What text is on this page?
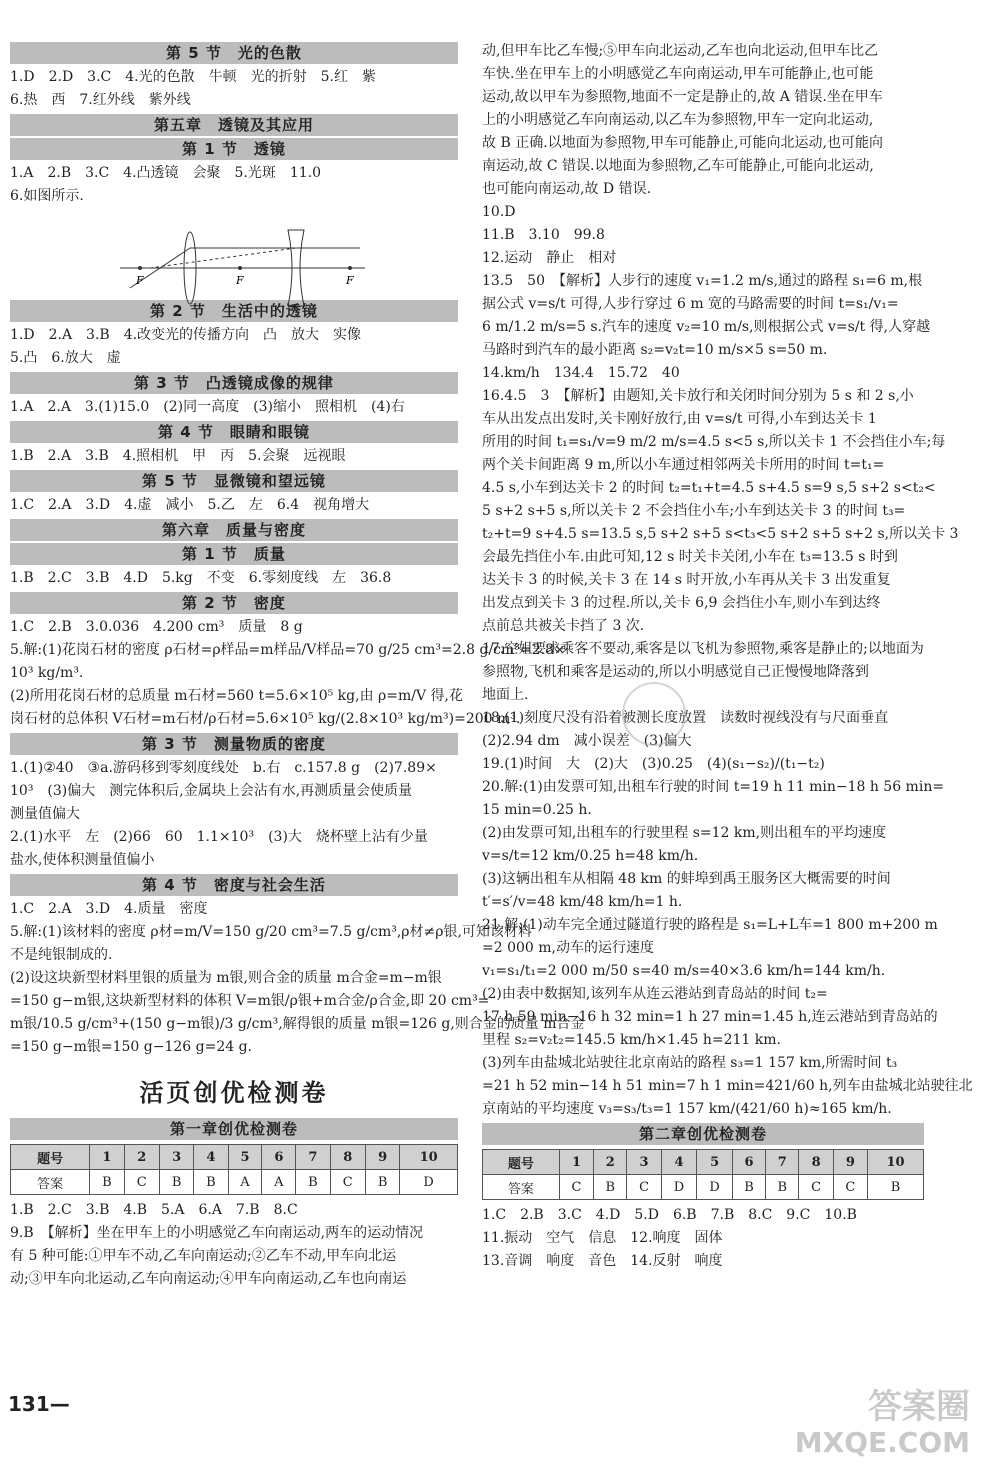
第 5 节　光的色散
1.D　2.D　3.C　4.光的色散　牛顿　光的折射　5.红　紫
6.热　西　7.红外线　紫外线
第五章　透镜及其应用
第 1 节　透镜
1.A　2.B　3.C　4.凸透镜　会聚　5.光斑　11.0
6.如图所示.
F	F	F
第 2 节　生活中的透镜
1.D　2.A　3.B　4.改变光的传播方向　凸　放大　实像
5.凸　6.放大　虚
第 3 节　凸透镜成像的规律
1.A　2.A　3.(1)15.0　(2)同一高度　(3)缩小　照相机　(4)右
第 4 节　眼睛和眼镜
1.B　2.A　3.B　4.照相机　甲　丙　5.会聚　远视眼
第 5 节　显微镜和望远镜
1.C　2.A　3.D　4.虚　减小　5.乙　左　6.4　视角增大
第六章　质量与密度
第 1 节　质量
1.B　2.C　3.B　4.D　5.kg　不变　6.零刻度线　左　36.8
第 2 节　密度
1.C　2.B　3.0.036　4.200 cm³　质量　8 g
5.解:(1)花岗石材的密度 ρ石材=ρ样品=m样品/V样品=70 g/25 cm³=2.8 g/cm³=2.8×
10³ kg/m³.
(2)所用花岗石材的总质量 m石材=560 t=5.6×10⁵ kg,由 ρ=m/V 得,花
岗石材的总体积 V石材=m石材/ρ石材=5.6×10⁵ kg/(2.8×10³ kg/m³)=200 m³.
第 3 节　测量物质的密度
1.(1)②40　③a.游码移到零刻度线处　b.右　c.157.8 g　(2)7.89×
10³　(3)偏大　测完体积后,金属块上会沾有水,再测质量会使质量
测量值偏大
2.(1)水平　左　(2)66　60　1.1×10³　(3)大　烧杯壁上沾有少量
盐水,使体积测量值偏小
第 4 节　密度与社会生活
1.C　2.A　3.D　4.质量　密度
5.解:(1)该材料的密度 ρ材=m/V=150 g/20 cm³=7.5 g/cm³,ρ材≠ρ银,可知该材料
不是纯银制成的.
(2)设这块新型材料里银的质量为 m银,则合金的质量 m合金=m−m银
=150 g−m银,这块新型材料的体积 V=m银/ρ银+m合金/ρ合金,即 20 cm³=
m银/10.5 g/cm³+(150 g−m银)/3 g/cm³,解得银的质量 m银=126 g,则合金的质量 m合金
=150 g−m银=150 g−126 g=24 g.
活页创优检测卷
第一章创优检测卷
题号	1	2	3	4	5	6	7	8	9	10
答案	B	C	B	B	A	A	B	C	B	D
1.B　2.C　3.B　4.B　5.A　6.A　7.B　8.C
9.B　【解析】坐在甲车上的小明感觉乙车向南运动,两车的运动情况
有 5 种可能:①甲车不动,乙车向南运动;②乙车不动,甲车向北运
动;③甲车向北运动,乙车向南运动;④甲车向南运动,乙车也向南运
动,但甲车比乙车慢;⑤甲车向北运动,乙车也向北运动,但甲车比乙
车快.坐在甲车上的小明感觉乙车向南运动,甲车可能静止,也可能
运动,故以甲车为参照物,地面不一定是静止的,故 A 错误.坐在甲车
上的小明感觉乙车向南运动,以乙车为参照物,甲车一定向北运动,
故 B 正确.以地面为参照物,甲车可能静止,可能向北运动,也可能向
南运动,故 C 错误.以地面为参照物,乙车可能静止,可能向北运动,
也可能向南运动,故 D 错误.
10.D
11.B　3.10　99.8
12.运动　静止　相对
13.5　50　【解析】人步行的速度 v₁=1.2 m/s,通过的路程 s₁=6 m,根
据公式 v=s/t 可得,人步行穿过 6 m 宽的马路需要的时间 t=s₁/v₁=
6 m/1.2 m/s=5 s.汽车的速度 v₂=10 m/s,则根据公式 v=s/t 得,人穿越
马路时到汽车的最小距离 s₂=v₂t=10 m/s×5 s=50 m.
14.km/h　134.4　15.72　40
16.4.5　3　【解析】由题知,关卡放行和关闭时间分别为 5 s 和 2 s,小
车从出发点出发时,关卡刚好放行,由 v=s/t 可得,小车到达关卡 1
所用的时间 t₁=s₁/v=9 m/2 m/s=4.5 s<5 s,所以关卡 1 不会挡住小车;每
两个关卡间距离 9 m,所以小车通过相邻两关卡所用的时间 t=t₁=
4.5 s,小车到达关卡 2 的时间 t₂=t₁+t=4.5 s+4.5 s=9 s,5 s+2 s<t₂<
5 s+2 s+5 s,所以关卡 2 不会挡住小车;小车到达关卡 3 的时间 t₃=
t₂+t=9 s+4.5 s=13.5 s,5 s+2 s+5 s<t₃<5 s+2 s+5 s+2 s,所以关卡 3
会最先挡住小车.由此可知,12 s 时关卡关闭,小车在 t₃=13.5 s 时到
达关卡 3 的时候,关卡 3 在 14 s 时开放,小车再从关卡 3 出发重复
出发点到关卡 3 的过程.所以,关卡 6,9 会挡住小车,则小车到达终
点前总共被关卡挡了 3 次.
17.空姐要求乘客不要动,乘客是以飞机为参照物,乘客是静止的;以地面为
参照物,飞机和乘客是运动的,所以小明感觉自己正慢慢地降落到
地面上.
18.(1)刻度尺没有沿着被测长度放置　读数时视线没有与尺面垂直
(2)2.94 dm　减小误差　(3)偏大
19.(1)时间　大　(2)大　(3)0.25　(4)(s₁−s₂)/(t₁−t₂)
20.解:(1)由发票可知,出租车行驶的时间 t=19 h 11 min−18 h 56 min=
15 min=0.25 h.
(2)由发票可知,出租车的行驶里程 s=12 km,则出租车的平均速度
v=s/t=12 km/0.25 h=48 km/h.
(3)这辆出租车从相隔 48 km 的蚌埠到禹王服务区大概需要的时间
t′=s′/v=48 km/48 km/h=1 h.
21.解:(1)动车完全通过隧道行驶的路程是 s₁=L+L车=1 800 m+200 m
=2 000 m,动车的运行速度
v₁=s₁/t₁=2 000 m/50 s=40 m/s=40×3.6 km/h=144 km/h.
(2)由表中数据知,该列车从连云港站到青岛站的时间 t₂=
17 h 59 min−16 h 32 min=1 h 27 min=1.45 h,连云港站到青岛站的
里程 s₂=v₂t₂=145.5 km/h×1.45 h=211 km.
(3)列车由盐城北站驶往北京南站的路程 s₃=1 157 km,所需时间 t₃
=21 h 52 min−14 h 51 min=7 h 1 min=421/60 h,列车由盐城北站驶往北
京南站的平均速度 v₃=s₃/t₃=1 157 km/(421/60 h)≈165 km/h.
第二章创优检测卷
题号	1	2	3	4	5	6	7	8	9	10
答案	C	B	C	D	D	B	B	C	C	B
1.C　2.B　3.C　4.D　5.D　6.B　7.B　8.C　9.C　10.B
11.振动　空气　信息　12.响度　固体
13.音调　响度　音色　14.反射　响度
131—	答案圈
MXQE.COM
